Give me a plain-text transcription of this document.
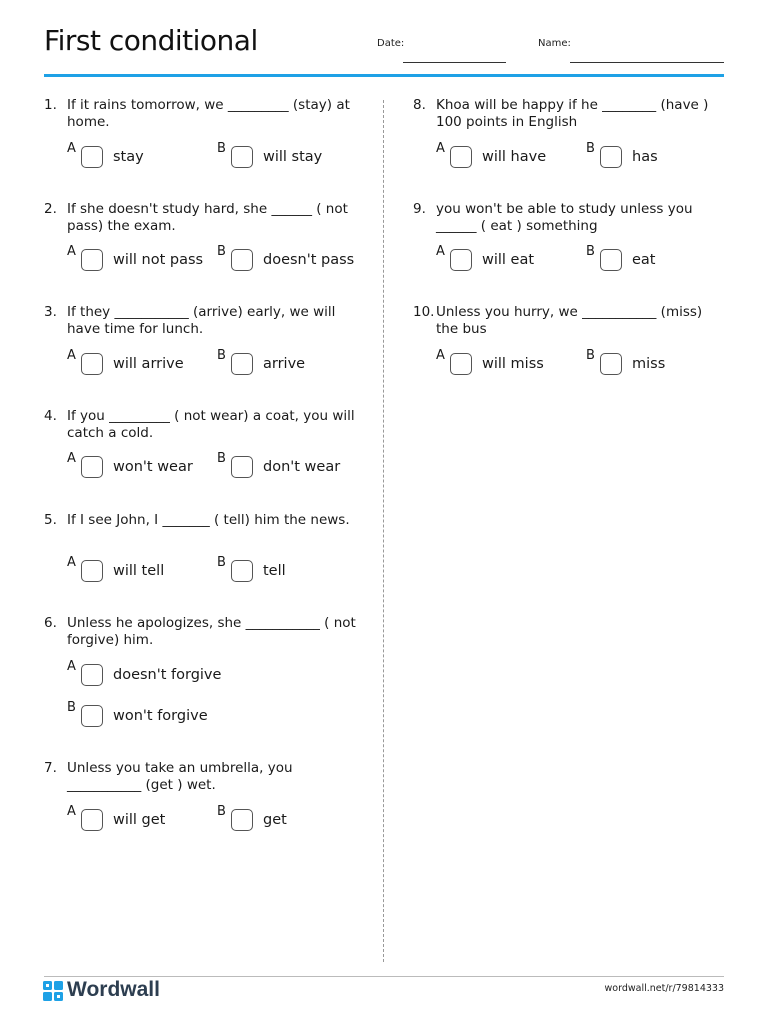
First conditional	Date:	Name:
1. If it rains tomorrow, we _________ (stay) at home.
A
stay
B
will stay
2. If she doesn't study hard, she ______ ( not pass) the exam.
A
will not pass
B
doesn't pass
3. If they ___________ (arrive) early, we will have time for lunch.
A
will arrive
B
arrive
4. If you _________ ( not wear) a coat, you will catch a cold.
A
won't wear
B
don't wear
5. If I see John, I _______ ( tell) him the news.
A
will tell
B
tell
6. Unless he apologizes, she ___________ ( not forgive) him.
A
doesn't forgive
B
won't forgive
7. Unless you take an umbrella, you ___________ (get ) wet.
A
will get
B
get
8. Khoa will be happy if he ________ (have ) 100 points in English
A
will have
B
has
9. you won't be able to study unless you ______ ( eat ) something
A
will eat
B
eat
10. Unless you hurry, we ___________ (miss) the bus
A
will miss
B
miss
Wordwall	wordwall.net/r/79814333
